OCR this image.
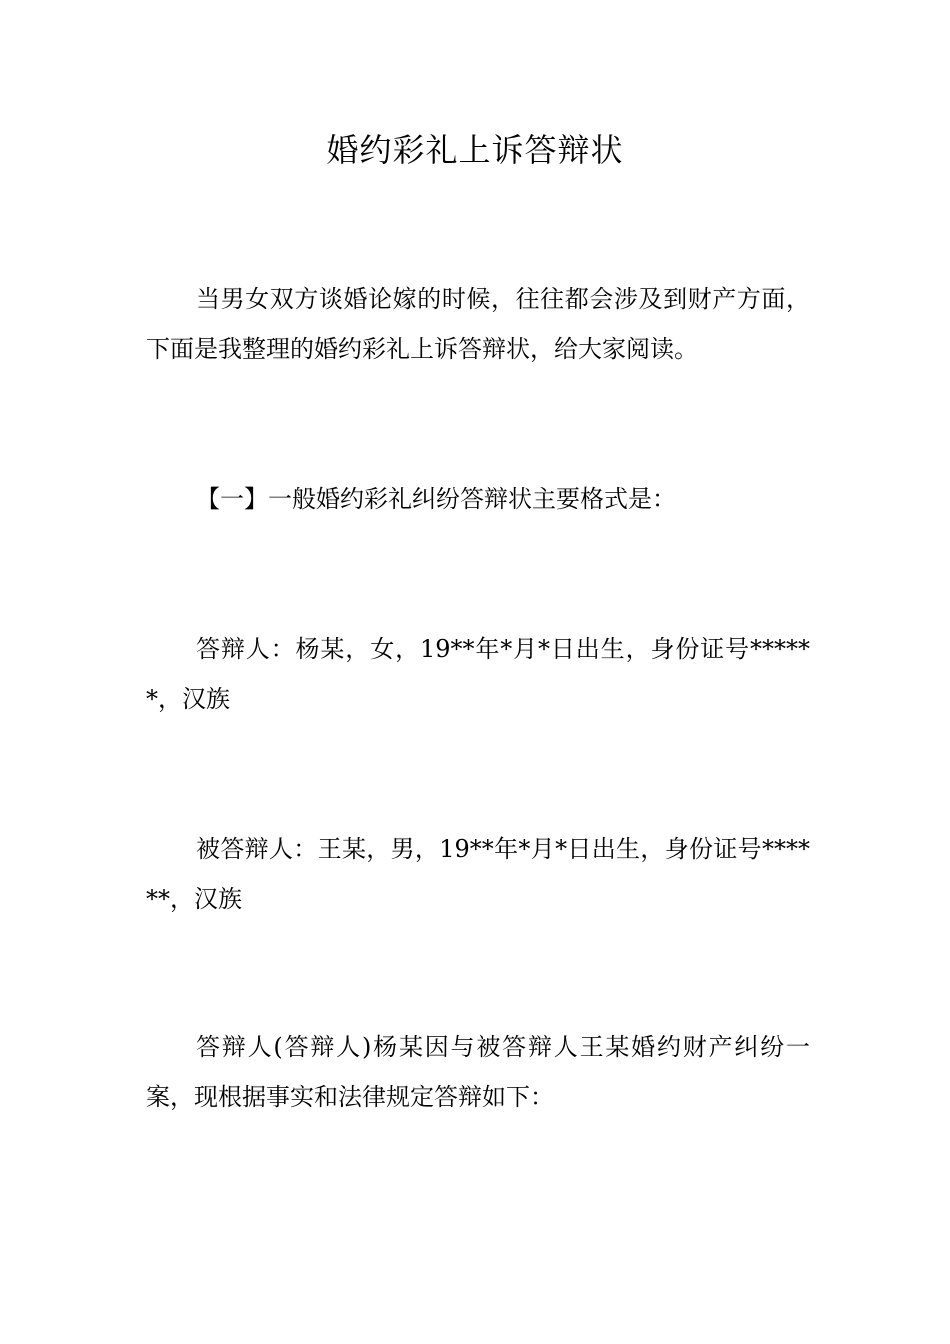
婚约彩礼上诉答辩状

当男女双方谈婚论嫁的时候，往往都会涉及到财产方面，下面是我整理的婚约彩礼上诉答辩状，给大家阅读。

【一】一般婚约彩礼纠纷答辩状主要格式是：

答辩人：杨某，女，19**年*月*日出生，身份证号******，汉族

被答辩人：王某，男，19**年*月*日出生，身份证号******，汉族

答辩人(答辩人)杨某因与被答辩人王某婚约财产纠纷一案，现根据事实和法律规定答辩如下：
